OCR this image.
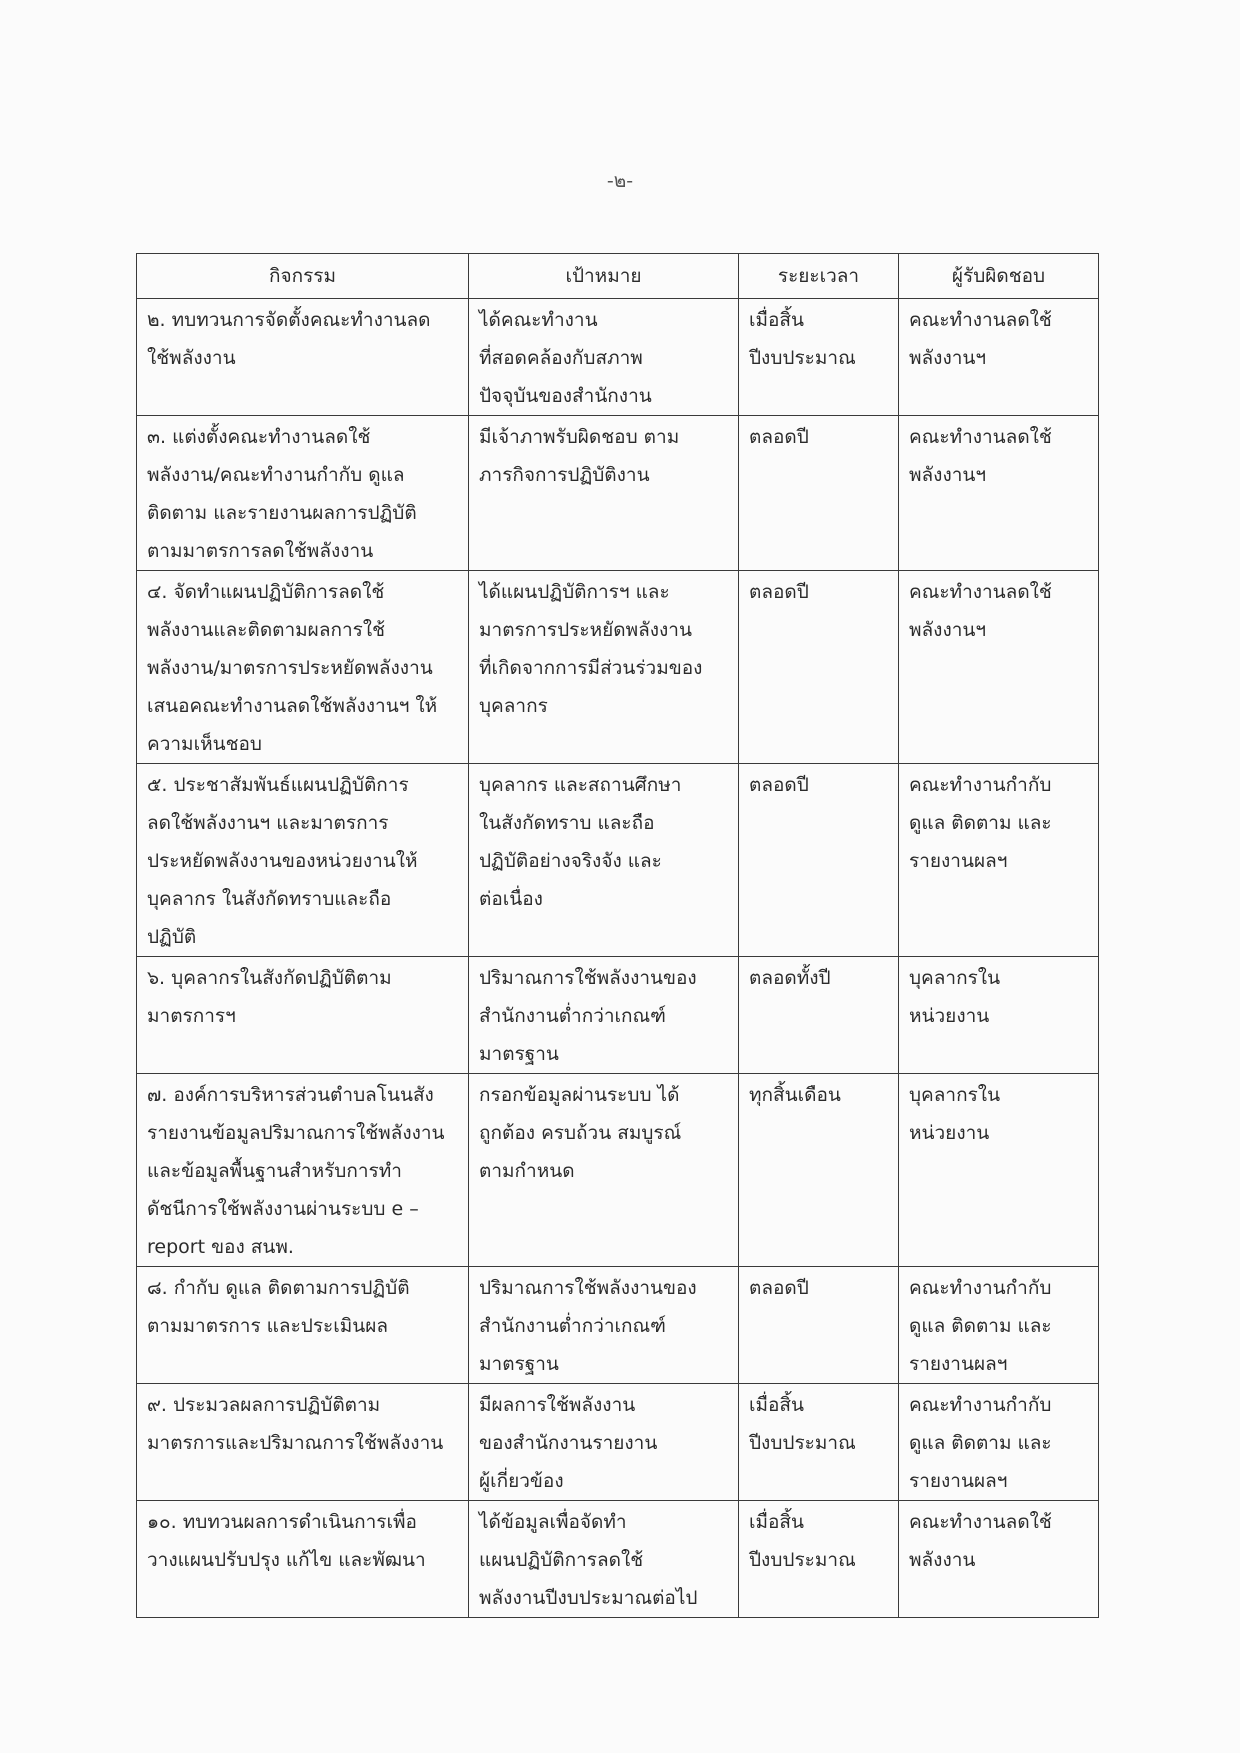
-๒-
กิจกรรม	เป้าหมาย	ระยะเวลา	ผู้รับผิดชอบ

๒. ทบทวนการจัดตั้งคณะทำงานลด
ใช้พลังงาน	ได้คณะทำงาน
ที่สอดคล้องกับสภาพ
ปัจจุบันของสำนักงาน	เมื่อสิ้น
ปีงบประมาณ	คณะทำงานลดใช้
พลังงานฯ

๓. แต่งตั้งคณะทำงานลดใช้
พลังงาน/คณะทำงานกำกับ ดูแล
ติดตาม และรายงานผลการปฏิบัติ
ตามมาตรการลดใช้พลังงาน	มีเจ้าภาพรับผิดชอบ ตาม
ภารกิจการปฏิบัติงาน	ตลอดปี	คณะทำงานลดใช้
พลังงานฯ

๔. จัดทำแผนปฏิบัติการลดใช้
พลังงานและติดตามผลการใช้
พลังงาน/มาตรการประหยัดพลังงาน
เสนอคณะทำงานลดใช้พลังงานฯ ให้
ความเห็นชอบ	ได้แผนปฏิบัติการฯ และ
มาตรการประหยัดพลังงาน
ที่เกิดจากการมีส่วนร่วมของ
บุคลากร	ตลอดปี	คณะทำงานลดใช้
พลังงานฯ

๕. ประชาสัมพันธ์แผนปฏิบัติการ
ลดใช้พลังงานฯ และมาตรการ
ประหยัดพลังงานของหน่วยงานให้
บุคลากร ในสังกัดทราบและถือ
ปฏิบัติ	บุคลากร และสถานศึกษา
ในสังกัดทราบ และถือ
ปฏิบัติอย่างจริงจัง และ
ต่อเนื่อง	ตลอดปี	คณะทำงานกำกับ
ดูแล ติดตาม และ
รายงานผลฯ

๖. บุคลากรในสังกัดปฏิบัติตาม
มาตรการฯ	ปริมาณการใช้พลังงานของ
สำนักงานต่ำกว่าเกณฑ์
มาตรฐาน	ตลอดทั้งปี	บุคลากรใน
หน่วยงาน

๗. องค์การบริหารส่วนตำบลโนนสัง
รายงานข้อมูลปริมาณการใช้พลังงาน
และข้อมูลพื้นฐานสำหรับการทำ
ดัชนีการใช้พลังงานผ่านระบบ e –
report ของ สนพ.	กรอกข้อมูลผ่านระบบ ได้
ถูกต้อง ครบถ้วน สมบูรณ์
ตามกำหนด	ทุกสิ้นเดือน	บุคลากรใน
หน่วยงาน

๘. กำกับ ดูแล ติดตามการปฏิบัติ
ตามมาตรการ และประเมินผล	ปริมาณการใช้พลังงานของ
สำนักงานต่ำกว่าเกณฑ์
มาตรฐาน	ตลอดปี	คณะทำงานกำกับ
ดูแล ติดตาม และ
รายงานผลฯ

๙. ประมวลผลการปฏิบัติตาม
มาตรการและปริมาณการใช้พลังงาน	มีผลการใช้พลังงาน
ของสำนักงานรายงาน
ผู้เกี่ยวข้อง	เมื่อสิ้น
ปีงบประมาณ	คณะทำงานกำกับ
ดูแล ติดตาม และ
รายงานผลฯ

๑๐. ทบทวนผลการดำเนินการเพื่อ
วางแผนปรับปรุง แก้ไข และพัฒนา	ได้ข้อมูลเพื่อจัดทำ
แผนปฏิบัติการลดใช้
พลังงานปีงบประมาณต่อไป	เมื่อสิ้น
ปีงบประมาณ	คณะทำงานลดใช้
พลังงาน
